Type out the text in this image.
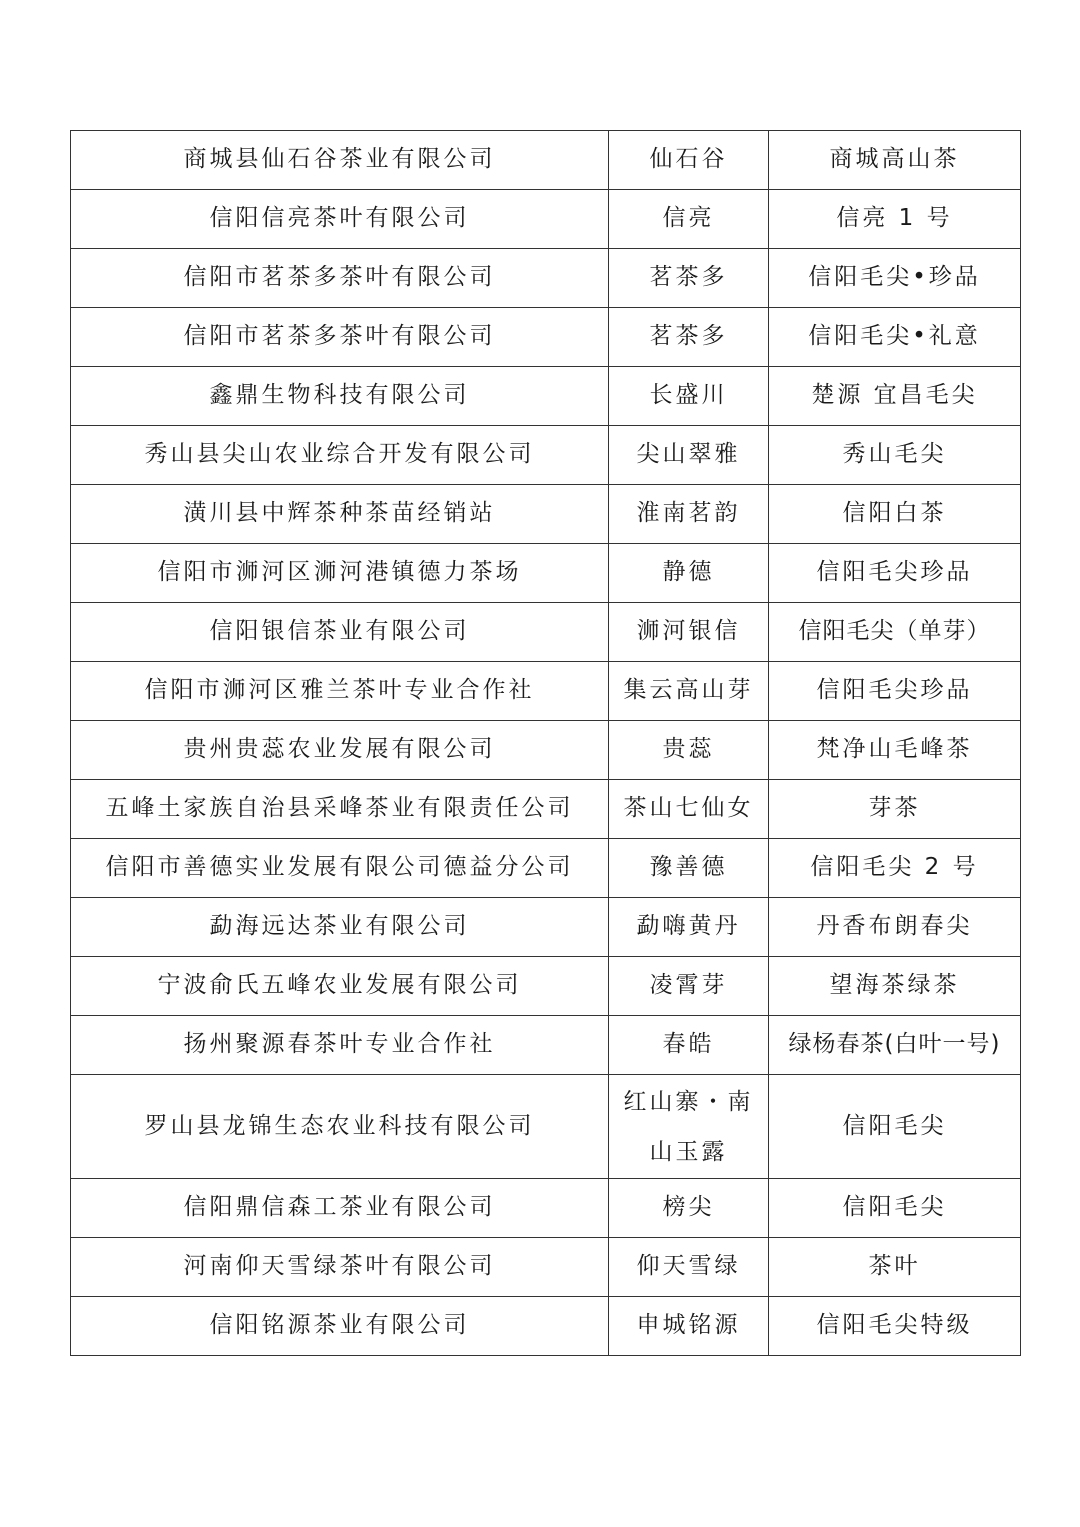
商城县仙石谷茶业有限公司	仙石谷	商城高山茶
信阳信亮茶叶有限公司	信亮	信亮 1 号
信阳市茗茶多茶叶有限公司	茗茶多	信阳毛尖•珍品
信阳市茗茶多茶叶有限公司	茗茶多	信阳毛尖•礼意
鑫鼎生物科技有限公司	长盛川	楚源 宜昌毛尖
秀山县尖山农业综合开发有限公司	尖山翠雅	秀山毛尖
潢川县中辉茶种茶苗经销站	淮南茗韵	信阳白茶
信阳市浉河区浉河港镇德力茶场	静德	信阳毛尖珍品
信阳银信茶业有限公司	浉河银信	信阳毛尖（单芽）
信阳市浉河区雅兰茶叶专业合作社	集云高山芽	信阳毛尖珍品
贵州贵蕊农业发展有限公司	贵蕊	梵净山毛峰茶
五峰土家族自治县采峰茶业有限责任公司	茶山七仙女	芽茶
信阳市善德实业发展有限公司德益分公司	豫善德	信阳毛尖 2 号
勐海远达茶业有限公司	勐嗨黄丹	丹香布朗春尖
宁波俞氏五峰农业发展有限公司	凌霄芽	望海茶绿茶
扬州聚源春茶叶专业合作社	春皓	绿杨春茶(白叶一号)
罗山县龙锦生态农业科技有限公司	红山寨・南山玉露	信阳毛尖
信阳鼎信森工茶业有限公司	榜尖	信阳毛尖
河南仰天雪绿茶叶有限公司	仰天雪绿	茶叶
信阳铭源茶业有限公司	申城铭源	信阳毛尖特级
